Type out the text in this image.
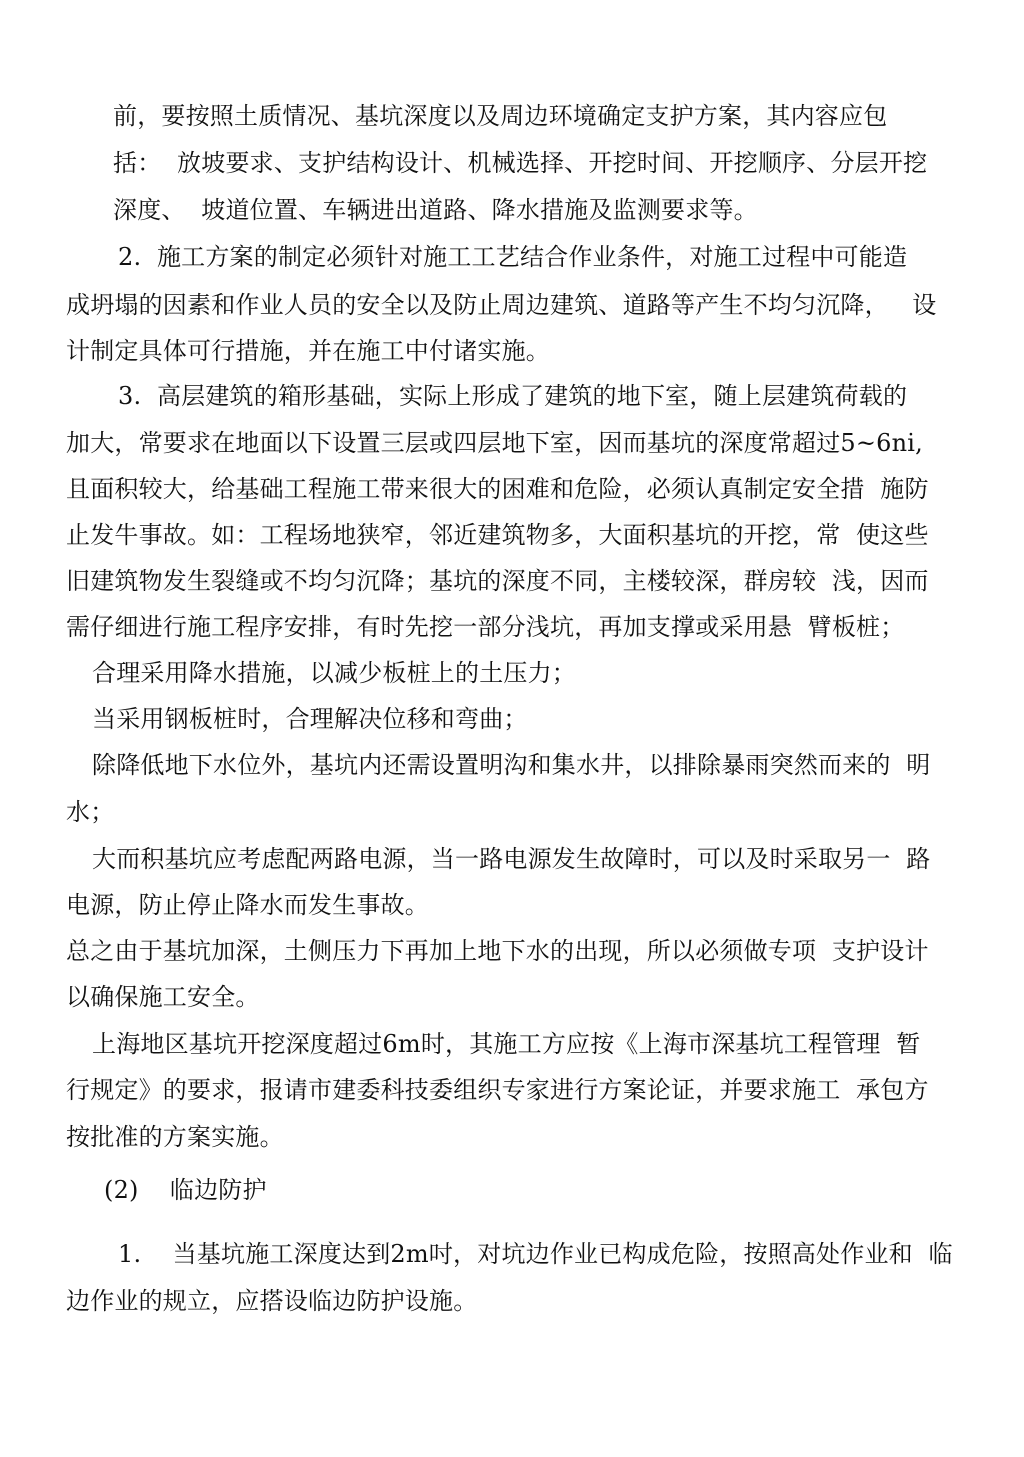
前，要按照土质情况、基坑深度以及周边环境确定支护方案，其内容应包
括：  放坡要求、支护结构设计、机械选择、开挖时间、开挖顺序、分层开挖
深度、  坡道位置、车辆进出道路、降水措施及监测要求等。
2.  施工方案的制定必须针对施工工艺结合作业条件，对施工过程中可能造
成坍塌的因素和作业人员的安全以及防止周边建筑、道路等产生不均匀沉降，   设
计制定具体可行措施，并在施工中付诸实施。
3.  高层建筑的箱形基础，实际上形成了建筑的地下室，随上层建筑荷载的
加大，常要求在地面以下设置三层或四层地下室，因而基坑的深度常超过5~6ni,
且面积较大，给基础工程施工带来很大的困难和危险，必须认真制定安全措  施防
止发牛事故。如：工程场地狭窄，邻近建筑物多，大面积基坑的开挖，常  使这些
旧建筑物发生裂缝或不均匀沉降；基坑的深度不同，主楼较深，群房较  浅，因而
需仔细进行施工程序安排，有时先挖一部分浅坑，再加支撑或采用悬  臂板桩；
合理采用降水措施，以减少板桩上的土压力；
当采用钢板桩时，合理解决位移和弯曲；
除降低地下水位外，基坑内还需设置明沟和集水井，以排除暴雨突然而来的  明
水；
大而积基坑应考虑配两路电源，当一路电源发生故障时，可以及时采取另一  路
电源，防止停止降水而发生事故。
总之由于基坑加深，土侧压力下再加上地下水的出现，所以必须做专项  支护设计
以确保施工安全。
上海地区基坑开挖深度超过6m时，其施工方应按《上海市深基坑工程管理  暂
行规定》的要求，报请市建委科技委组织专家进行方案论证，并要求施工  承包方
按批准的方案实施。
(2)    临边防护
1.    当基坑施工深度达到2m吋，对坑边作业已构成危险，按照高处作业和  临
边作业的规立，应搭设临边防护设施。
